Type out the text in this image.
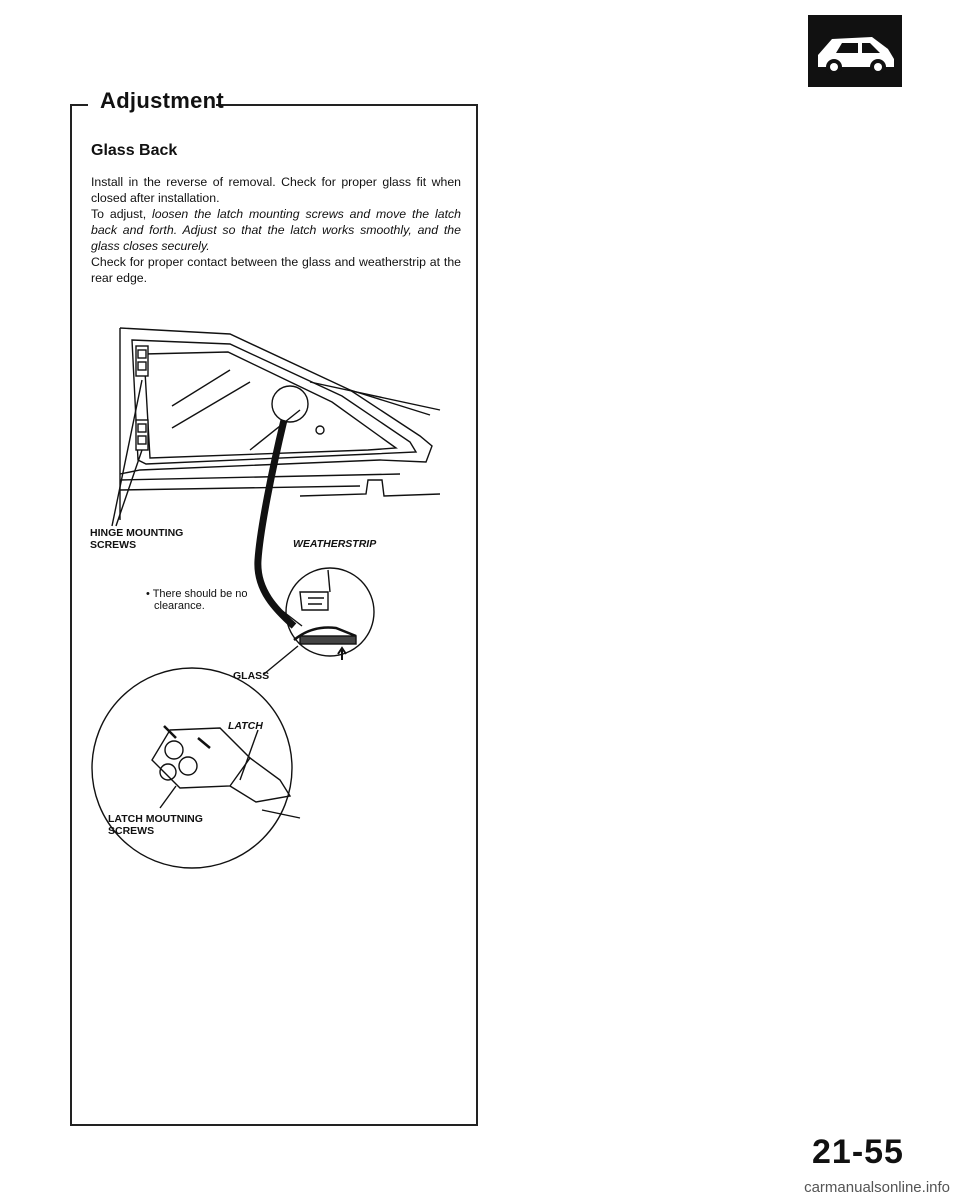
Adjustment
Glass Back

Install in the reverse of removal. Check for proper glass fit when closed after installation.

To adjust, loosen the latch mounting screws and move the latch back and forth. Adjust so that the latch works smoothly, and the glass closes securely.

Check for proper contact between the glass and weatherstrip at the rear edge.

HINGE MOUNTING
SCREWS	WEATHERSTRIP
• There should be no
clearance.
GLASS
LATCH
LATCH MOUTNING
SCREWS
21-55
carmanualsonline.info
